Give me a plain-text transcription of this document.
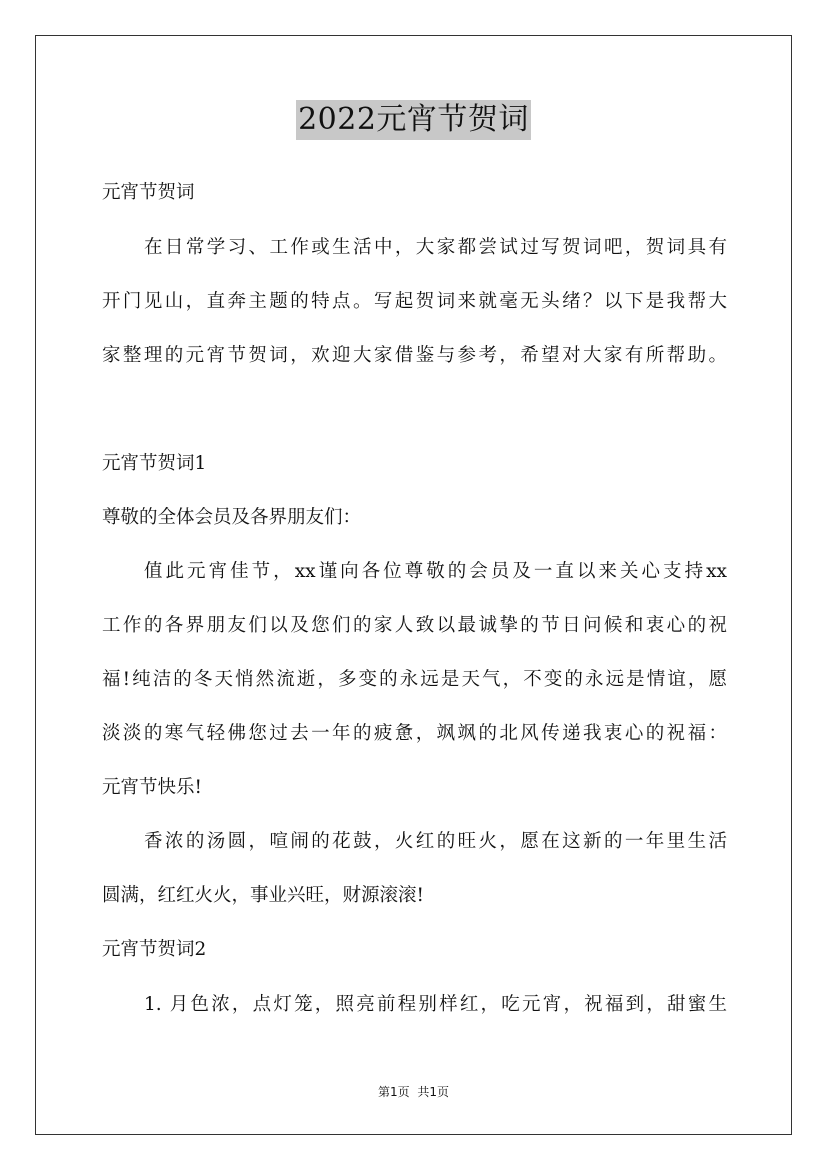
2022元宵节贺词
元宵节贺词
在日常学习、工作或生活中，大家都尝试过写贺词吧，贺词具有
开门见山，直奔主题的特点。写起贺词来就毫无头绪？以下是我帮大
家整理的元宵节贺词，欢迎大家借鉴与参考，希望对大家有所帮助。
元宵节贺词1
尊敬的全体会员及各界朋友们：
值此元宵佳节，xx谨向各位尊敬的会员及一直以来关心支持xx
工作的各界朋友们以及您们的家人致以最诚挚的节日问候和衷心的祝
福!纯洁的冬天悄然流逝，多变的永远是天气，不变的永远是情谊，愿
淡淡的寒气轻佛您过去一年的疲惫，飒飒的北风传递我衷心的祝福：
元宵节快乐!
香浓的汤圆，喧闹的花鼓，火红的旺火，愿在这新的一年里生活
圆满，红红火火，事业兴旺，财源滚滚!
元宵节贺词2
1. 月色浓，点灯笼，照亮前程别样红，吃元宵，祝福到，甜蜜生
第1页 共1页
